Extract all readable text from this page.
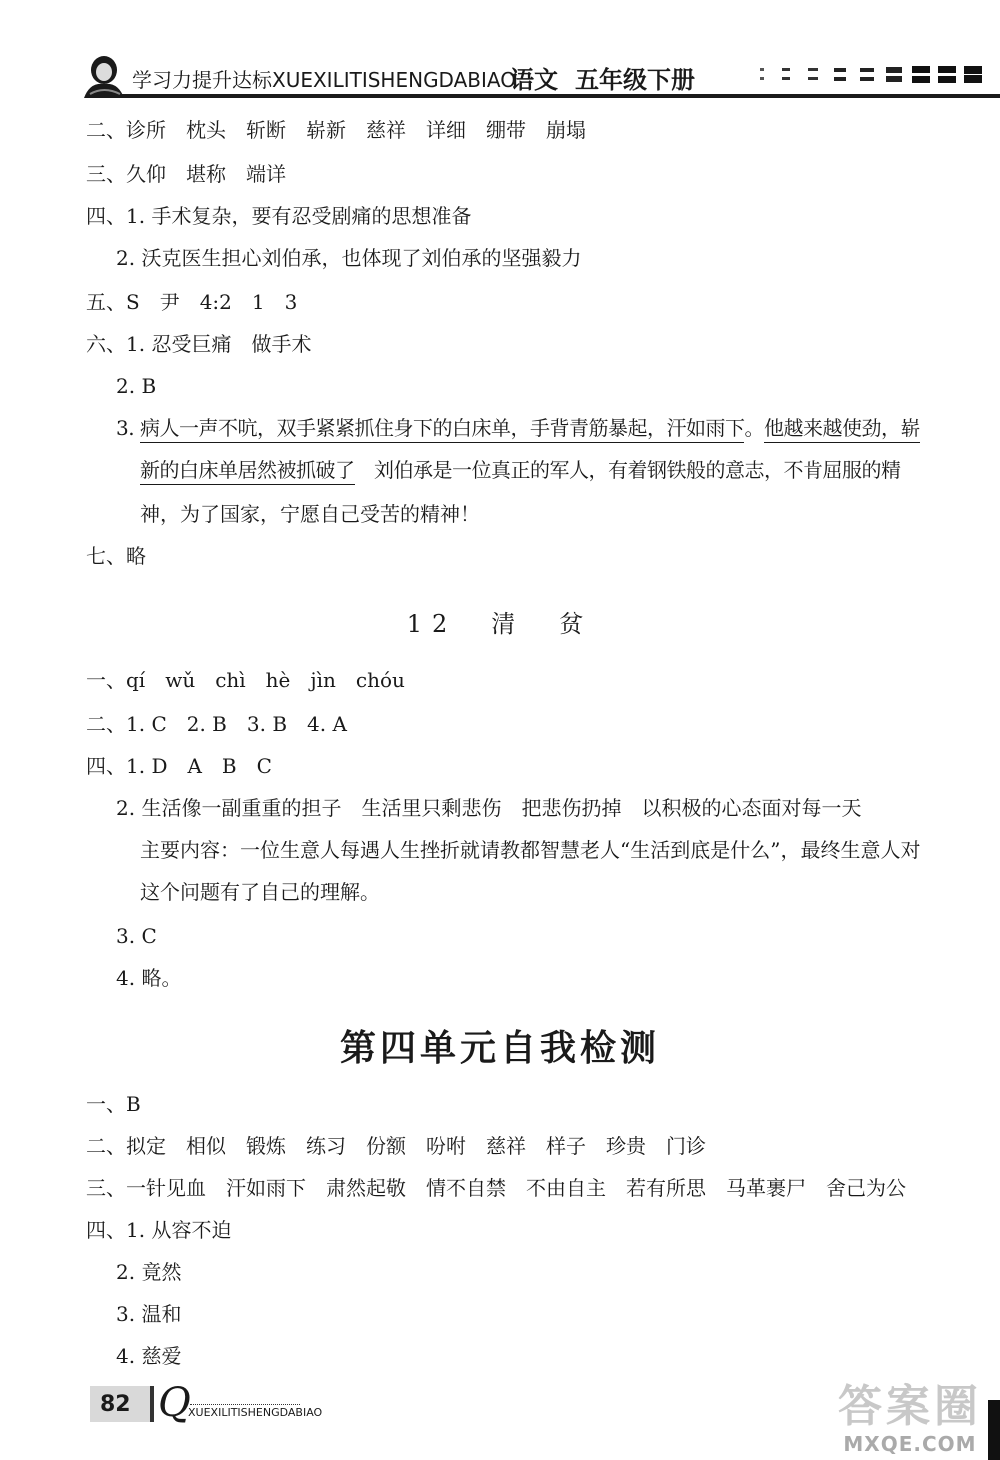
学习力提升达标XUEXILITISHENGDABIAO
语文 五年级下册
二、诊所　枕头　斩断　崭新　慈祥　详细　绷带　崩塌
三、久仰　堪称　端详
四、1. 手术复杂，要有忍受剧痛的思想准备
2. 沃克医生担心刘伯承，也体现了刘伯承的坚强毅力
五、S　尹　4:2　1　3
六、1. 忍受巨痛　做手术
2. B
3. 病人一声不吭，双手紧紧抓住身下的白床单，手背青筋暴起，汗如雨下。他越来越使劲，崭
新的白床单居然被抓破了　刘伯承是一位真正的军人，有着钢铁般的意志，不肯屈服的精
神，为了国家，宁愿自己受苦的精神！
七、略
12　清　贫
一、qí　wǔ　chì　hè　jìn　chóu
二、1. C　2. B　3. B　4. A
四、1. D　A　B　C
2. 生活像一副重重的担子　生活里只剩悲伤　把悲伤扔掉　以积极的心态面对每一天
主要内容：一位生意人每遇人生挫折就请教都智慧老人“生活到底是什么”，最终生意人对
这个问题有了自己的理解。
3. C
4. 略。
第四单元自我检测
一、B
二、拟定　相似　锻炼　练习　份额　吩咐　慈祥　样子　珍贵　门诊
三、一针见血　汗如雨下　肃然起敬　情不自禁　不由自主　若有所思　马革裹尸　舍己为公
四、1. 从容不迫
2. 竟然
3. 温和
4. 慈爱
82 Q
XUEXILITISHENGDABIAO	答案圈
MXQE.COM
